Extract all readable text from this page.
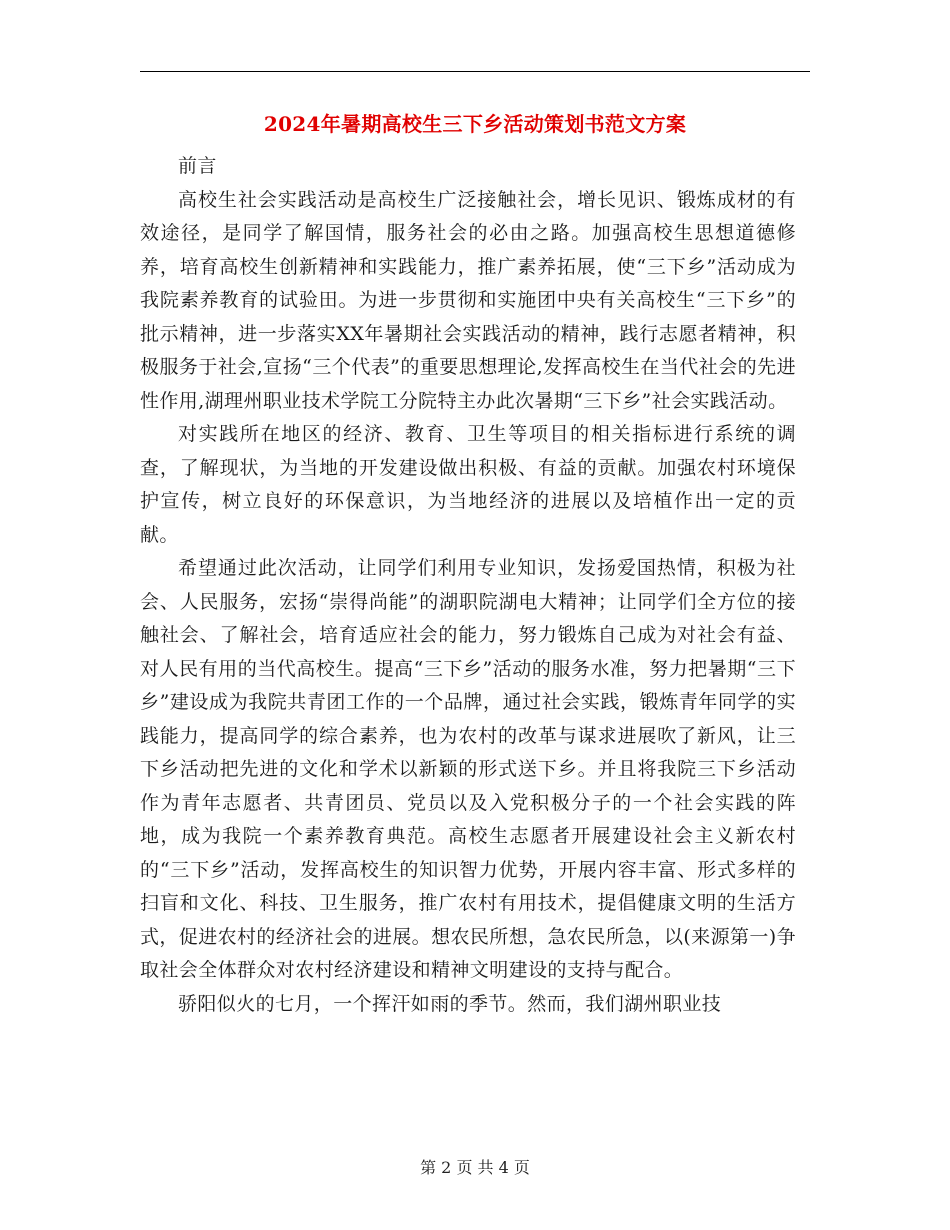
2024年暑期高校生三下乡活动策划书范文方案

前言

高校生社会实践活动是高校生广泛接触社会，增长见识、锻炼成材的有效途径，是同学了解国情，服务社会的必由之路。加强高校生思想道德修养，培育高校生创新精神和实践能力，推广素养拓展，使“三下乡”活动成为我院素养教育的试验田。为进一步贯彻和实施团中央有关高校生“三下乡”的批示精神，进一步落实XX年暑期社会实践活动的精神，践行志愿者精神，积极服务于社会,宣扬“三个代表”的重要思想理论,发挥高校生在当代社会的先进性作用,湖理州职业技术学院工分院特主办此次暑期“三下乡”社会实践活动。

对实践所在地区的经济、教育、卫生等项目的相关指标进行系统的调查，了解现状，为当地的开发建设做出积极、有益的贡献。加强农村环境保护宣传，树立良好的环保意识，为当地经济的进展以及培植作出一定的贡献。

希望通过此次活动，让同学们利用专业知识，发扬爱国热情，积极为社会、人民服务，宏扬“崇得尚能”的湖职院湖电大精神；让同学们全方位的接触社会、了解社会，培育适应社会的能力，努力锻炼自己成为对社会有益、对人民有用的当代高校生。提高“三下乡”活动的服务水准，努力把暑期“三下乡”建设成为我院共青团工作的一个品牌，通过社会实践，锻炼青年同学的实践能力，提高同学的综合素养，也为农村的改革与谋求进展吹了新风，让三下乡活动把先进的文化和学术以新颖的形式送下乡。并且将我院三下乡活动作为青年志愿者、共青团员、党员以及入党积极分子的一个社会实践的阵地，成为我院一个素养教育典范。高校生志愿者开展建设社会主义新农村的“三下乡”活动，发挥高校生的知识智力优势，开展内容丰富、形式多样的扫盲和文化、科技、卫生服务，推广农村有用技术，提倡健康文明的生活方式，促进农村的经济社会的进展。想农民所想，急农民所急，以(来源第一)争取社会全体群众对农村经济建设和精神文明建设的支持与配合。

骄阳似火的七月，一个挥汗如雨的季节。然而，我们湖州职业技

第 2 页 共 4 页
